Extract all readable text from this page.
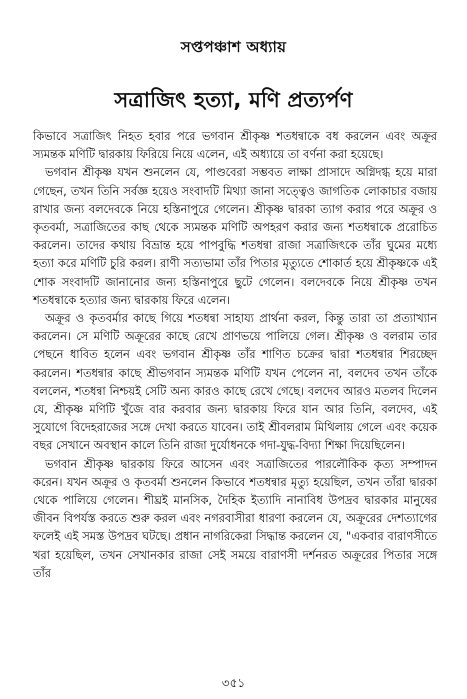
সপ্তপঞ্চাশ অধ্যায়
সত্রাজিৎ হত্যা, মণি প্রত্যর্পণ

কিভাবে সত্রাজিৎ নিহত হবার পরে ভগবান শ্রীকৃষ্ণ শতধন্বাকে বধ করলেন এবং অক্রূর স্যমন্তক মণিটি দ্বারকায় ফিরিয়ে নিয়ে এলেন, এই অধ্যায়ে তা বর্ণনা করা হয়েছে।

ভগবান শ্রীকৃষ্ণ যখন শুনলেন যে, পাণ্ডবেরা সম্ভবত লাক্ষা প্রাসাদে অগ্নিদগ্ধ হয়ে মারা গেছেন, তখন তিনি সর্বজ্ঞ হয়েও সংবাদটি মিথ্যা জানা সত্ত্বেও জাগতিক লোকাচার বজায় রাখার জন্য বলদেবকে নিয়ে হস্তিনাপুরে গেলেন। শ্রীকৃষ্ণ দ্বারকা ত্যাগ করার পরে অক্রূর ও কৃতবর্মা, সত্রাজিতের কাছ থেকে স্যমন্তক মণিটি অপহরণ করার জন্য শতধন্বাকে প্ররোচিত করলেন। তাদের কথায় বিভ্রান্ত হয়ে পাপবুদ্ধি শতধন্বা রাজা সত্রাজিৎকে তাঁর ঘুমের মধ্যে হত্যা করে মণিটি চুরি করল। রাণী সত্যভামা তাঁর পিতার মৃত্যুতে শোকার্ত হয়ে শ্রীকৃষ্ণকে এই শোক সংবাদটি জানানোর জন্য হস্তিনাপুরে ছুটে গেলেন। বলদেবকে নিয়ে শ্রীকৃষ্ণ তখন শতধন্বাকে হত্যার জন্য দ্বারকায় ফিরে এলেন।

অক্রূর ও কৃতবর্মার কাছে গিয়ে শতধন্বা সাহায্য প্রার্থনা করল, কিন্তু তারা তা প্রত্যাখ্যান করলেন। সে মণিটি অক্রূরের কাছে রেখে প্রাণভয়ে পালিয়ে গেল। শ্রীকৃষ্ণ ও বলরাম তার পেছনে ধাবিত হলেন এবং ভগবান শ্রীকৃষ্ণ তাঁর শাণিত চক্রের দ্বারা শতধন্বার শিরচ্ছেদ করলেন। শতধন্বার কাছে শ্রীভগবান স্যমন্তক মণিটি যখন পেলেন না, বলদেব তখন তাঁকে বললেন, শতধন্বা নিশ্চয়ই সেটি অন্য কারও কাছে রেখে গেছে। বলদেব আরও মতলব দিলেন যে, শ্রীকৃষ্ণ মণিটি খুঁজে বার করবার জন্য দ্বারকায় ফিরে যান আর তিনি, বলদেব, এই সুযোগে বিদেহরাজের সঙ্গে দেখা করতে যাবেন। তাই শ্রীবলরাম মিথিলায় গেলে এবং কয়েক বছর সেখানে অবস্থান কালে তিনি রাজা দুর্যোধনকে গদা-যুদ্ধ-বিদ্যা শিক্ষা দিয়েছিলেন।

ভগবান শ্রীকৃষ্ণ দ্বারকায় ফিরে আসেন এবং সত্রাজিতের পারলৌকিক কৃত্য সম্পাদন করেন। যখন অক্রূর ও কৃতবর্মা শুনলেন কিভাবে শতধন্বার মৃত্যু হয়েছিল, তখন তাঁরা দ্বারকা থেকে পালিয়ে গেলেন। শীঘ্রই মানসিক, দৈহিক ইত্যাদি নানাবিধ উপদ্রব দ্বারকার মানুষের জীবন বিপর্যস্ত করতে শুরু করল এবং নগরবাসীরা ধারণা করলেন যে, অক্রূরের দেশত্যাগের ফলেই এই সমস্ত উপদ্রব ঘটছে। প্রধান নাগরিকেরা সিদ্ধান্ত করলেন যে, "একবার বারাণসীতে খরা হয়েছিল, তখন সেখানকার রাজা সেই সময়ে বারাণসী দর্শনরত অক্রূরের পিতার সঙ্গে তাঁর

৩৫১
